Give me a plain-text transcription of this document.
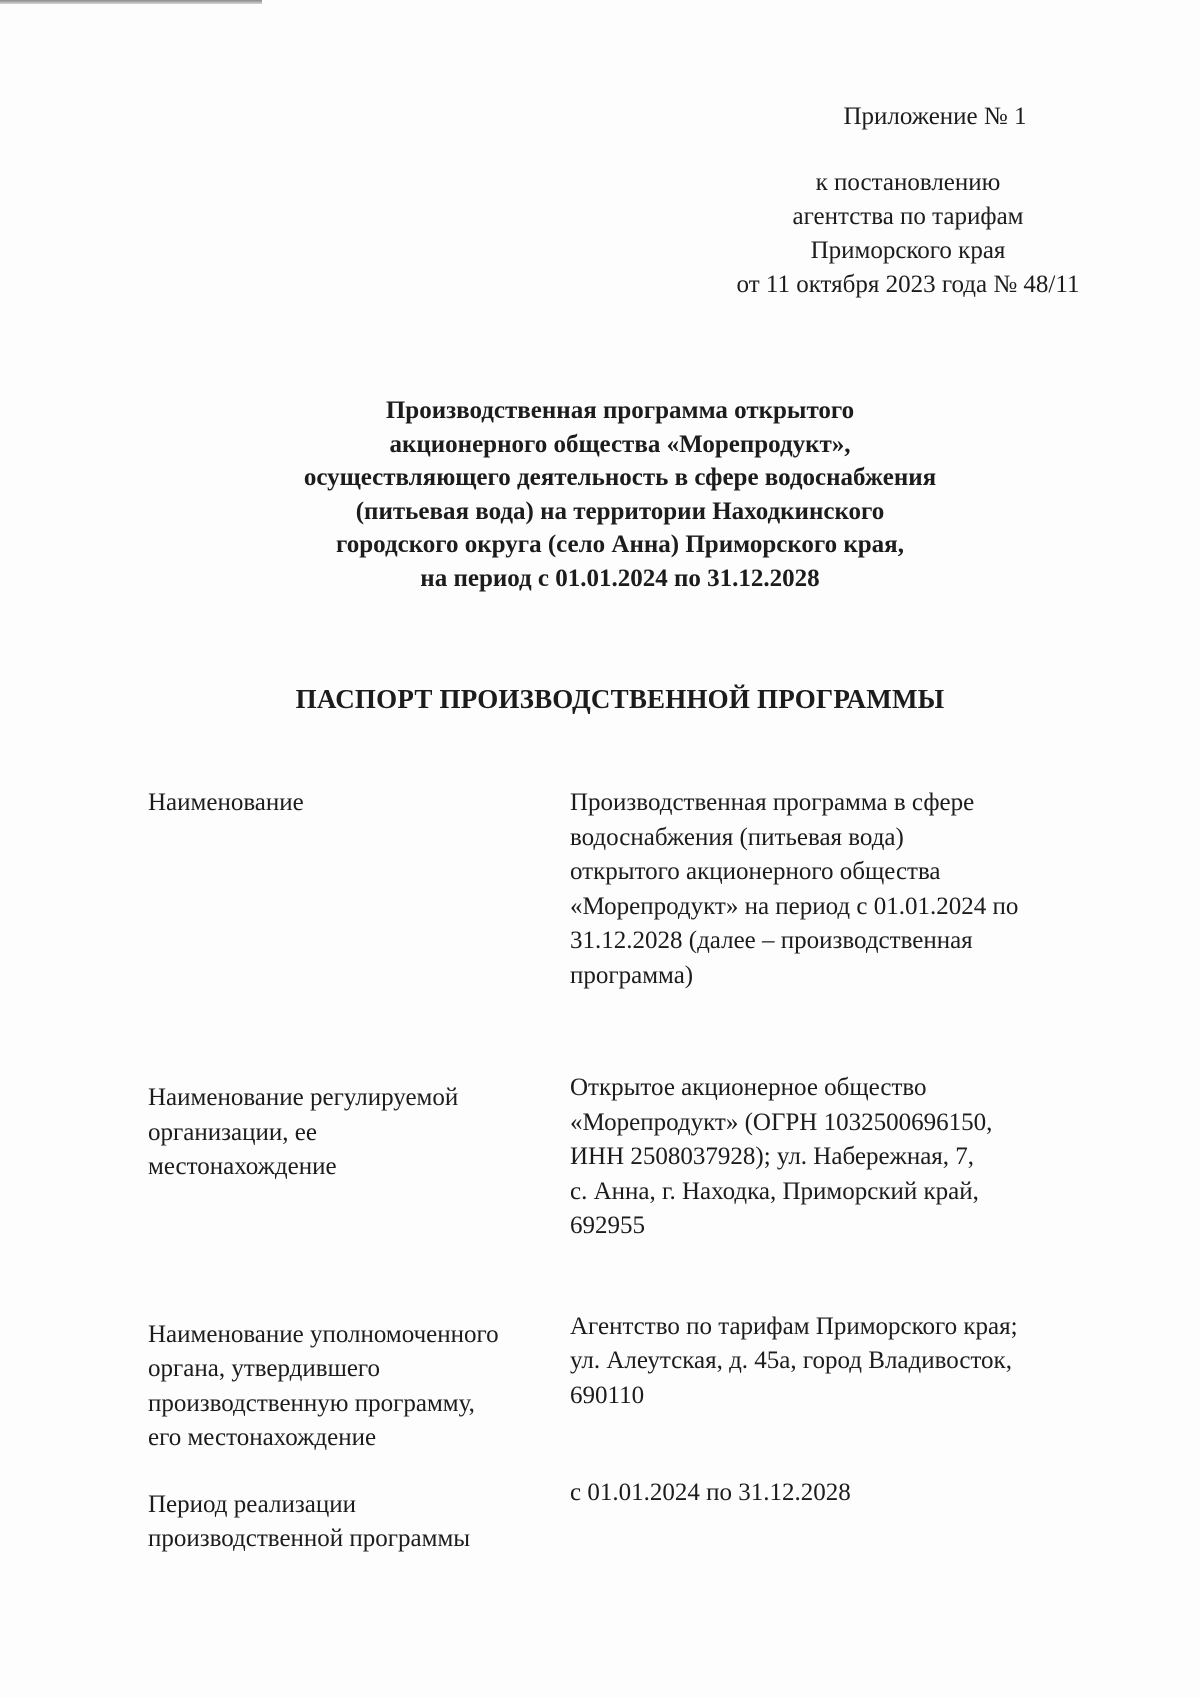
Приложение № 1
к постановлению
агентства по тарифам
Приморского края
от 11 октября 2023 года № 48/11
Производственная программа открытого
акционерного общества «Морепродукт»,
осуществляющего деятельность в сфере водоснабжения
(питьевая вода) на территории Находкинского
городского округа (село Анна) Приморского края,
на период с 01.01.2024 по 31.12.2028
ПАСПОРТ ПРОИЗВОДСТВЕННОЙ ПРОГРАММЫ
Наименование	Производственная программа в сфере
водоснабжения (питьевая вода)
открытого акционерного общества
«Морепродукт» на период с 01.01.2024 по
31.12.2028 (далее – производственная
программа)
Наименование регулируемой
организации, ее
местонахождение
Открытое акционерное общество
«Морепродукт» (ОГРН 1032500696150,
ИНН 2508037928); ул. Набережная, 7,
с. Анна, г. Находка, Приморский край,
692955
Наименование уполномоченного
органа, утвердившего
производственную программу,
его местонахождение
Агентство по тарифам Приморского края;
ул. Алеутская, д. 45а, город Владивосток,
690110
Период реализации
производственной программы
с 01.01.2024 по 31.12.2028
